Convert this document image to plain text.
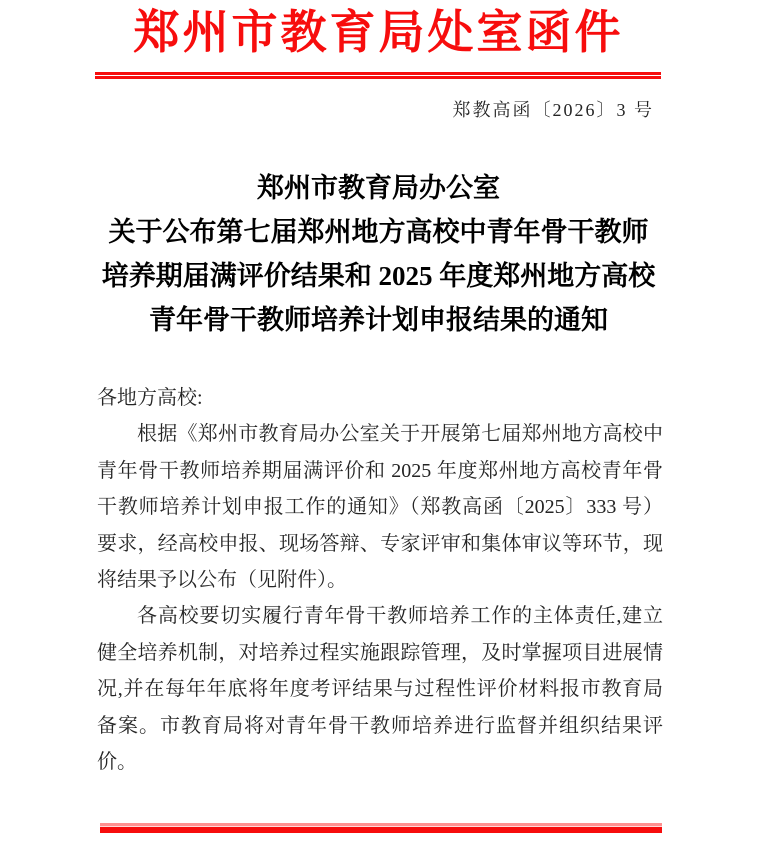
郑州市教育局处室函件
郑教高函〔2026〕3 号
郑州市教育局办公室
关于公布第七届郑州地方高校中青年骨干教师
培养期届满评价结果和 2025 年度郑州地方高校
青年骨干教师培养计划申报结果的通知
各地方高校:
根据《郑州市教育局办公室关于开展第七届郑州地方高校中
青年骨干教师培养期届满评价和 2025 年度郑州地方高校青年骨
干教师培养计划申报工作的通知》（郑教高函〔2025〕333 号）
要求，经高校申报、现场答辩、专家评审和集体审议等环节，现
将结果予以公布（见附件）。
各高校要切实履行青年骨干教师培养工作的主体责任,建立
健全培养机制，对培养过程实施跟踪管理，及时掌握项目进展情
况,并在每年年底将年度考评结果与过程性评价材料报市教育局
备案。市教育局将对青年骨干教师培养进行监督并组织结果评
价。
